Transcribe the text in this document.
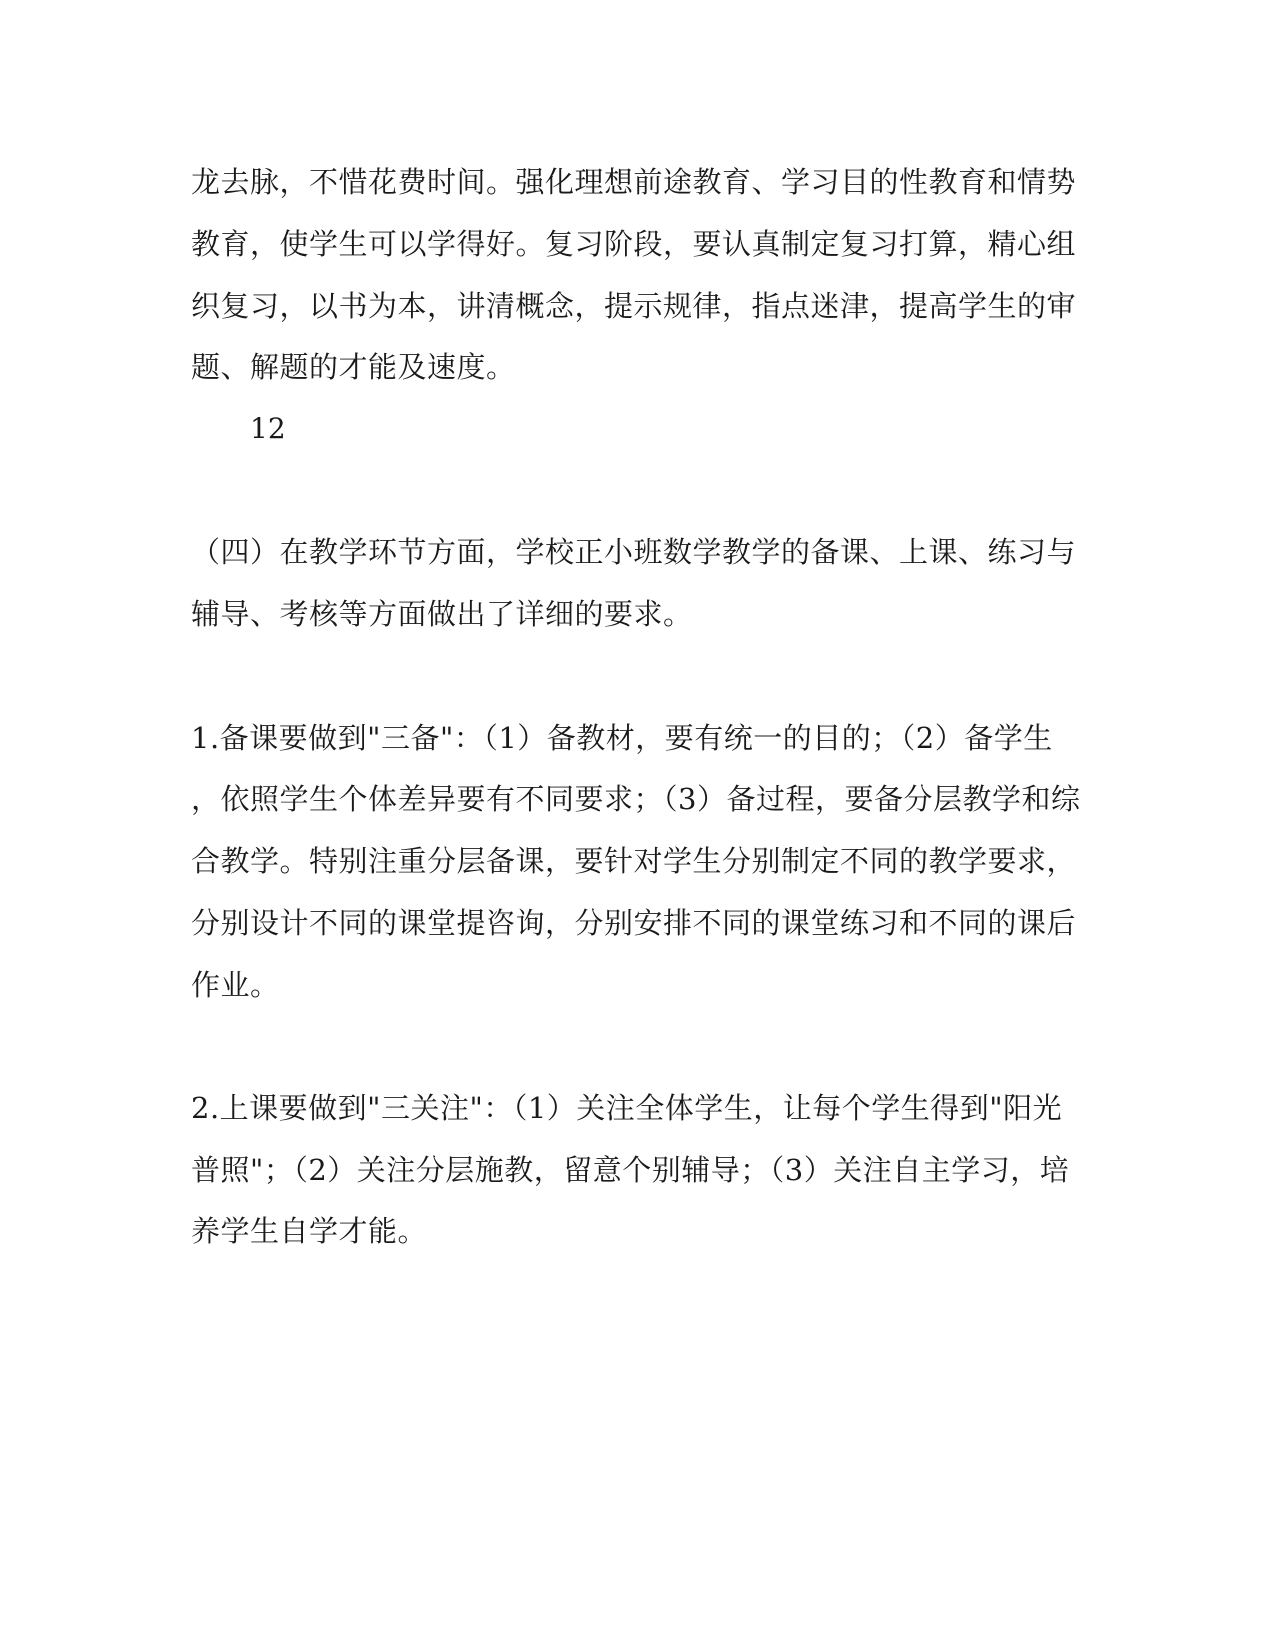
龙去脉，不惜花费时间。强化理想前途教育、学习目的性教育和情势
教育，使学生可以学得好。复习阶段，要认真制定复习打算，精心组
织复习，以书为本，讲清概念，提示规律，指点迷津，提高学生的审
题、解题的才能及速度。
12
（四）在教学环节方面，学校正小班数学教学的备课、上课、练习与
辅导、考核等方面做出了详细的要求。
1.备课要做到"三备"：（1）备教材，要有统一的目的；（2）备学生
，依照学生个体差异要有不同要求；（3）备过程，要备分层教学和综
合教学。特别注重分层备课，要针对学生分别制定不同的教学要求，
分别设计不同的课堂提咨询，分别安排不同的课堂练习和不同的课后
作业。
2.上课要做到"三关注"：（1）关注全体学生，让每个学生得到"阳光
普照"；（2）关注分层施教，留意个别辅导；（3）关注自主学习，培
养学生自学才能。
